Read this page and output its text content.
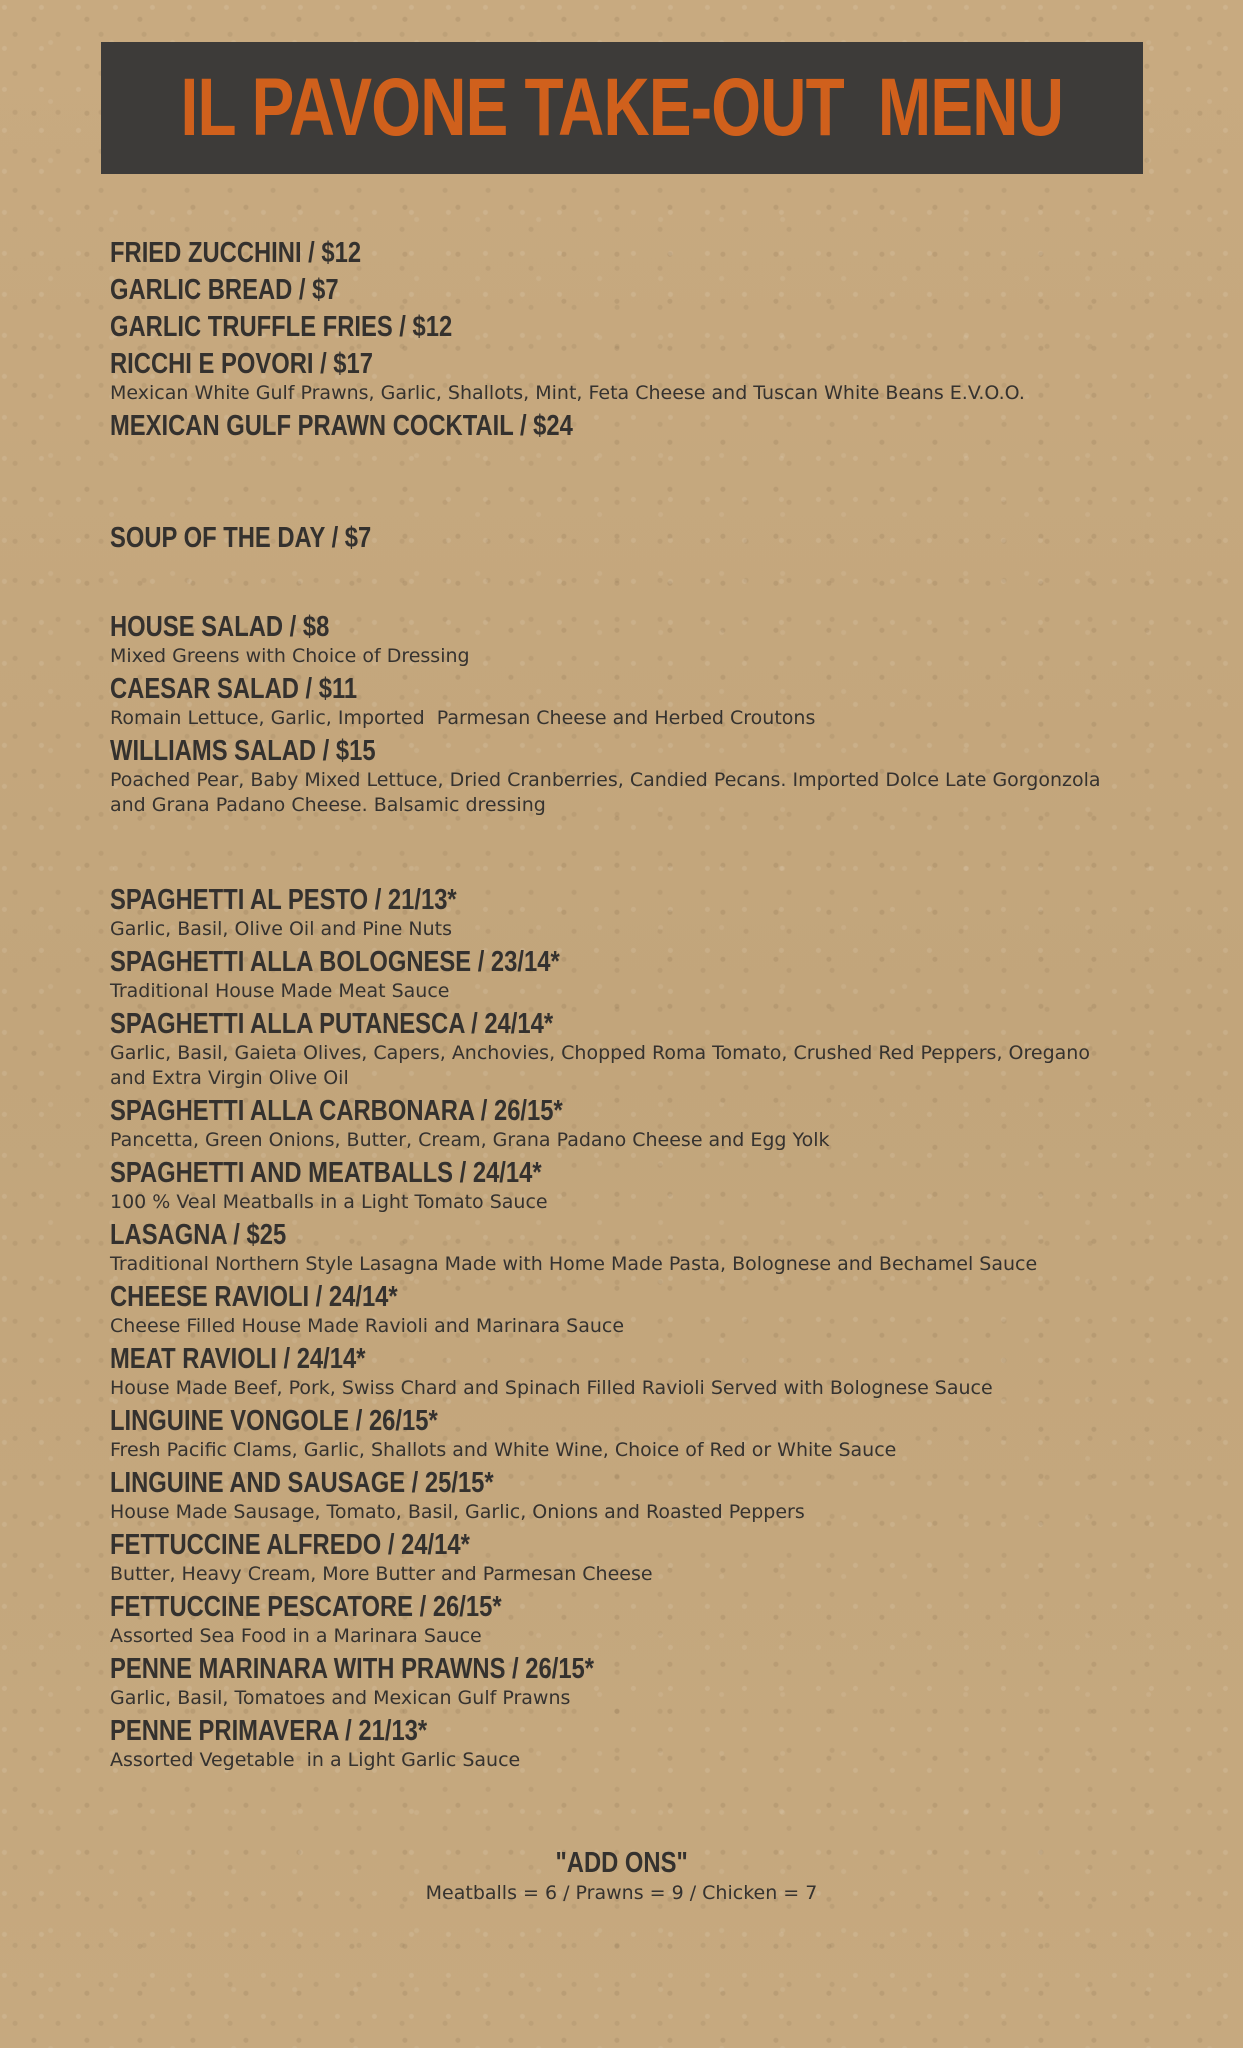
IL PAVONE TAKE-OUT  MENU

FRIED ZUCCHINI / $12

GARLIC BREAD / $7

GARLIC TRUFFLE FRIES / $12

RICCHI E POVORI / $17

Mexican White Gulf Prawns, Garlic, Shallots, Mint, Feta Cheese and Tuscan White Beans E.V.O.O.

MEXICAN GULF PRAWN COCKTAIL / $24

SOUP OF THE DAY / $7

HOUSE SALAD / $8

Mixed Greens with Choice of Dressing

CAESAR SALAD / $11

Romain Lettuce, Garlic, Imported  Parmesan Cheese and Herbed Croutons

WILLIAMS SALAD / $15

Poached Pear, Baby Mixed Lettuce, Dried Cranberries, Candied Pecans. Imported Dolce Late Gorgonzola and Grana Padano Cheese. Balsamic dressing

SPAGHETTI AL PESTO / 21/13*

Garlic, Basil, Olive Oil and Pine Nuts

SPAGHETTI ALLA BOLOGNESE / 23/14*

Traditional House Made Meat Sauce

SPAGHETTI ALLA PUTANESCA / 24/14*

Garlic, Basil, Gaieta Olives, Capers, Anchovies, Chopped Roma Tomato, Crushed Red Peppers, Oregano and Extra Virgin Olive Oil

SPAGHETTI ALLA CARBONARA / 26/15*

Pancetta, Green Onions, Butter, Cream, Grana Padano Cheese and Egg Yolk

SPAGHETTI AND MEATBALLS / 24/14*

100 % Veal Meatballs in a Light Tomato Sauce

LASAGNA / $25

Traditional Northern Style Lasagna Made with Home Made Pasta, Bolognese and Bechamel Sauce

CHEESE RAVIOLI / 24/14*

Cheese Filled House Made Ravioli and Marinara Sauce

MEAT RAVIOLI / 24/14*

House Made Beef, Pork, Swiss Chard and Spinach Filled Ravioli Served with Bolognese Sauce

LINGUINE VONGOLE / 26/15*

Fresh Pacific Clams, Garlic, Shallots and White Wine, Choice of Red or White Sauce

LINGUINE AND SAUSAGE / 25/15*

House Made Sausage, Tomato, Basil, Garlic, Onions and Roasted Peppers

FETTUCCINE ALFREDO / 24/14*

Butter, Heavy Cream, More Butter and Parmesan Cheese

FETTUCCINE PESCATORE / 26/15*

Assorted Sea Food in a Marinara Sauce

PENNE MARINARA WITH PRAWNS / 26/15*

Garlic, Basil, Tomatoes and Mexican Gulf Prawns

PENNE PRIMAVERA / 21/13*

Assorted Vegetable  in a Light Garlic Sauce

"ADD ONS"
Meatballs = 6 / Prawns = 9 / Chicken = 7
